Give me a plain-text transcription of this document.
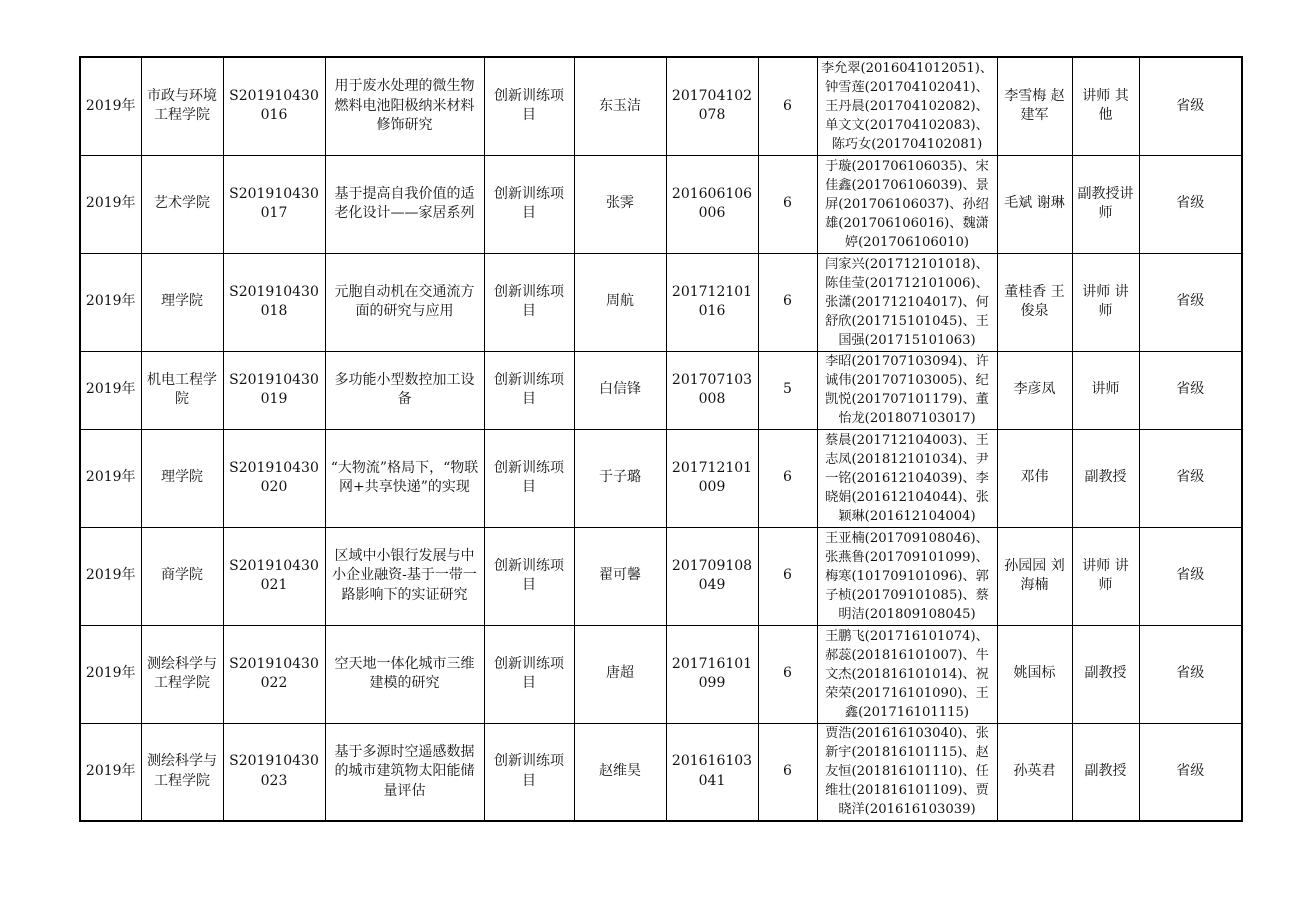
2019年	市政与环境工程学院	S201910430016	用于废水处理的微生物燃料电池阳极纳米材料修饰研究	创新训练项目	东玉洁	201704102078	6	李允翠(2016041012051)、钟雪莲(201704102041)、王丹晨(201704102082)、单文文(201704102083)、陈巧女(201704102081)	李雪梅 赵建军	讲师 其他	省级
2019年	艺术学院	S201910430017	基于提高自我价值的适老化设计——家居系列	创新训练项目	张霁	201606106006	6	于璇(201706106035)、宋佳鑫(201706106039)、景屏(201706106037)、孙绍雄(201706106016)、魏潇婷(201706106010)	毛斌 谢琳	副教授讲师	省级
2019年	理学院	S201910430018	元胞自动机在交通流方面的研究与应用	创新训练项目	周航	201712101016	6	闫家兴(201712101018)、陈佳莹(201712101006)、张潇(201712104017)、何舒欣(201715101045)、王国强(201715101063)	董桂香 王俊泉	讲师 讲师	省级
2019年	机电工程学院	S201910430019	多功能小型数控加工设备	创新训练项目	白信锋	201707103008	5	李昭(201707103094)、许诚伟(201707103005)、纪凯悦(201707101179)、董怡龙(201807103017)	李彦凤	讲师	省级
2019年	理学院	S201910430020	“大物流”格局下，“物联网+共享快递”的实现	创新训练项目	于子璐	201712101009	6	蔡晨(201712104003)、王志凤(201812101034)、尹一铭(201612104039)、李晓娟(201612104044)、张颖琳(201612104004)	邓伟	副教授	省级
2019年	商学院	S201910430021	区域中小银行发展与中小企业融资-基于一带一路影响下的实证研究	创新训练项目	翟可馨	201709108049	6	王亚楠(201709108046)、张燕鲁(201709101099)、梅寒(101709101096)、郭子桢(201709101085)、蔡明洁(201809108045)	孙园园 刘海楠	讲师 讲师	省级
2019年	测绘科学与工程学院	S201910430022	空天地一体化城市三维建模的研究	创新训练项目	唐超	201716101099	6	王鹏飞(201716101074)、郝蕊(201816101007)、牛文杰(201816101014)、祝荣荣(201716101090)、王鑫(201716101115)	姚国标	副教授	省级
2019年	测绘科学与工程学院	S201910430023	基于多源时空遥感数据的城市建筑物太阳能储量评估	创新训练项目	赵维昊	201616103041	6	贾浩(201616103040)、张新宇(201816101115)、赵友恒(201816101110)、任维壮(201816101109)、贾晓洋(201616103039)	孙英君	副教授	省级
